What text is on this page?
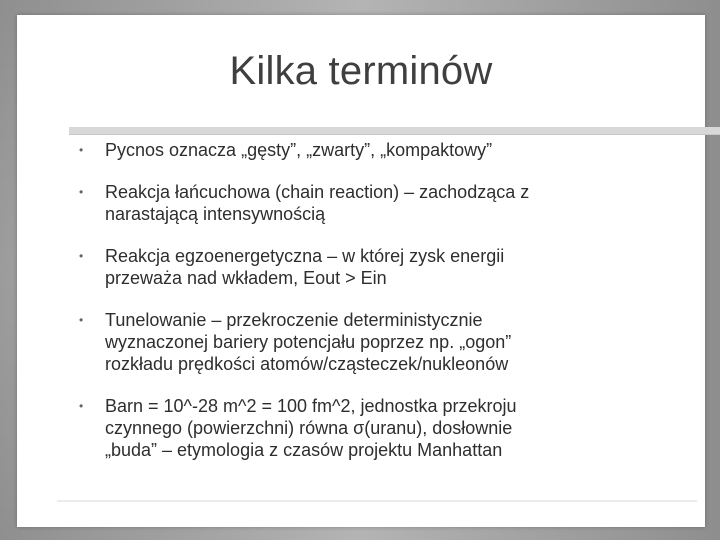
Kilka terminów
•	Pycnos oznacza „gęsty”, „zwarty”, „kompaktowy”
•	Reakcja łańcuchowa (chain reaction) – zachodząca z
narastającą intensywnością
•	Reakcja egzoenergetyczna – w której zysk energii
przeważa nad wkładem, Eout > Ein
•	Tunelowanie – przekroczenie deterministycznie
wyznaczonej bariery potencjału poprzez np. „ogon”
rozkładu prędkości atomów/cząsteczek/nukleonów
•	Barn = 10^-28 m^2 = 100 fm^2, jednostka przekroju
czynnego (powierzchni) równa σ(uranu), dosłownie
„buda” – etymologia z czasów projektu Manhattan
